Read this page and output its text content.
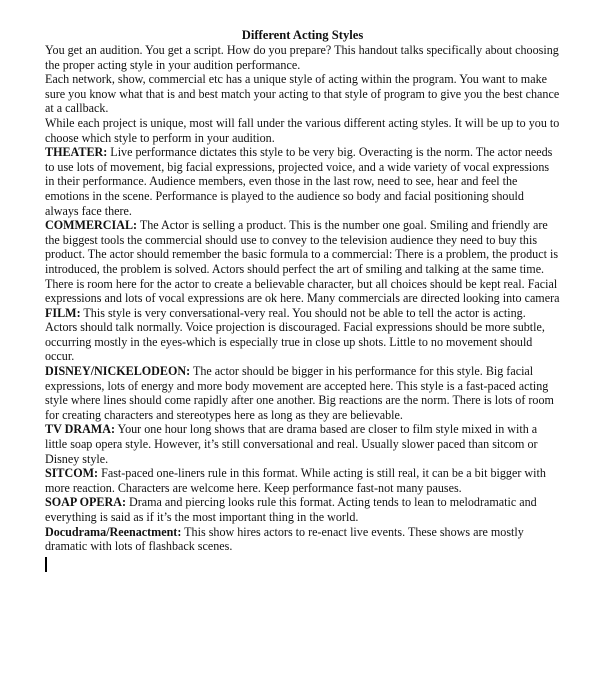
Different Acting Styles

You get an audition. You get a script. How do you prepare? This handout talks specifically about choosing the proper acting style in your audition performance.

Each network, show, commercial etc has a unique style of acting within the program. You want to make sure you know what that is and best match your acting to that style of program to give you the best chance at a callback.

While each project is unique, most will fall under the various different acting styles. It will be up to you to choose which style to perform in your audition.

THEATER: Live performance dictates this style to be very big. Overacting is the norm. The actor needs to use lots of movement, big facial expressions, projected voice, and a wide variety of vocal expressions in their performance. Audience members, even those in the last row, need to see, hear and feel the emotions in the scene. Performance is played to the audience so body and facial positioning should always face there.

COMMERCIAL: The Actor is selling a product. This is the number one goal. Smiling and friendly are the biggest tools the commercial should use to convey to the television audience they need to buy this product. The actor should remember the basic formula to a commercial: There is a problem, the product is introduced, the problem is solved. Actors should perfect the art of smiling and talking at the same time. There is room here for the actor to create a believable character, but all choices should be kept real. Facial expressions and lots of vocal expressions are ok here. Many commercials are directed looking into camera

FILM: This style is very conversational-very real. You should not be able to tell the actor is acting. Actors should talk normally. Voice projection is discouraged. Facial expressions should be more subtle, occurring mostly in the eyes-which is especially true in close up shots. Little to no movement should occur.

DISNEY/NICKELODEON: The actor should be bigger in his performance for this style. Big facial expressions, lots of energy and more body movement are accepted here. This style is a fast-paced acting style where lines should come rapidly after one another. Big reactions are the norm. There is lots of room for creating characters and stereotypes here as long as they are believable.

TV DRAMA: Your one hour long shows that are drama based are closer to film style mixed in with a little soap opera style. However, it’s still conversational and real. Usually slower paced than sitcom or Disney style.

SITCOM: Fast-paced one-liners rule in this format. While acting is still real, it can be a bit bigger with more reaction. Characters are welcome here. Keep performance fast-not many pauses.

SOAP OPERA: Drama and piercing looks rule this format. Acting tends to lean to melodramatic and everything is said as if it’s the most important thing in the world.

Docudrama/Reenactment: This show hires actors to re-enact live events. These shows are mostly dramatic with lots of flashback scenes.
